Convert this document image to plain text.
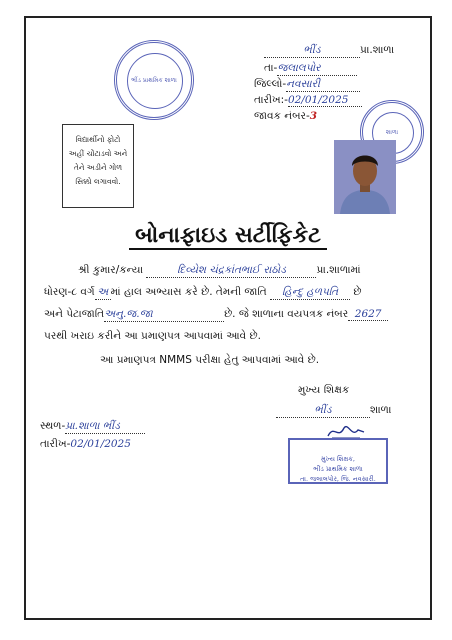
ભીંડ પ્રાથમિક શાળા
ભીંડ	પ્રા.શાળા
તા-જલાલપોર
જિલ્લો-નવસારી
તારીખ:-02/01/2025
જાવક નંબર-3
શાળા
વિદ્યાર્થીનો ફોટો
અહીં ચોંટાડવો અને
તેને અડીને ગોળ
સિક્કો લગાવવો.
બોનાફાઇડ સર્ટીફિકેટ
શ્રી કુમાર/કન્યા	દિવ્યેશ ચંદ્રકાંતભાઈ રાઠોડ	પ્રા.શાળામાં
ધોરણ-૮ વર્ગ અ માં હાલ અભ્યાસ કરે છે. તેમની જાતિ હિન્દુ હળપતિ છે
અને પેટાજાતિઅનુ.જ.જા	છે. જે શાળાના વયપત્રક નંબર 2627
પરથી ખરાઇ કરીને આ પ્રમાણપત્ર આપવામાં આવે છે.
આ પ્રમાણપત્ર NMMS પરીક્ષા હેતુ આપવામાં આવે છે.
મુખ્ય શિક્ષક
ભીંડ	શાળા
સ્થળ-પ્રા.શાળા ભીંડ
તારીખ-02/01/2025
મુખ્ય શિક્ષક,
ભીંડ પ્રાથમિક શાળા
તા. જલાલપોર, જિ. નવસારી.
